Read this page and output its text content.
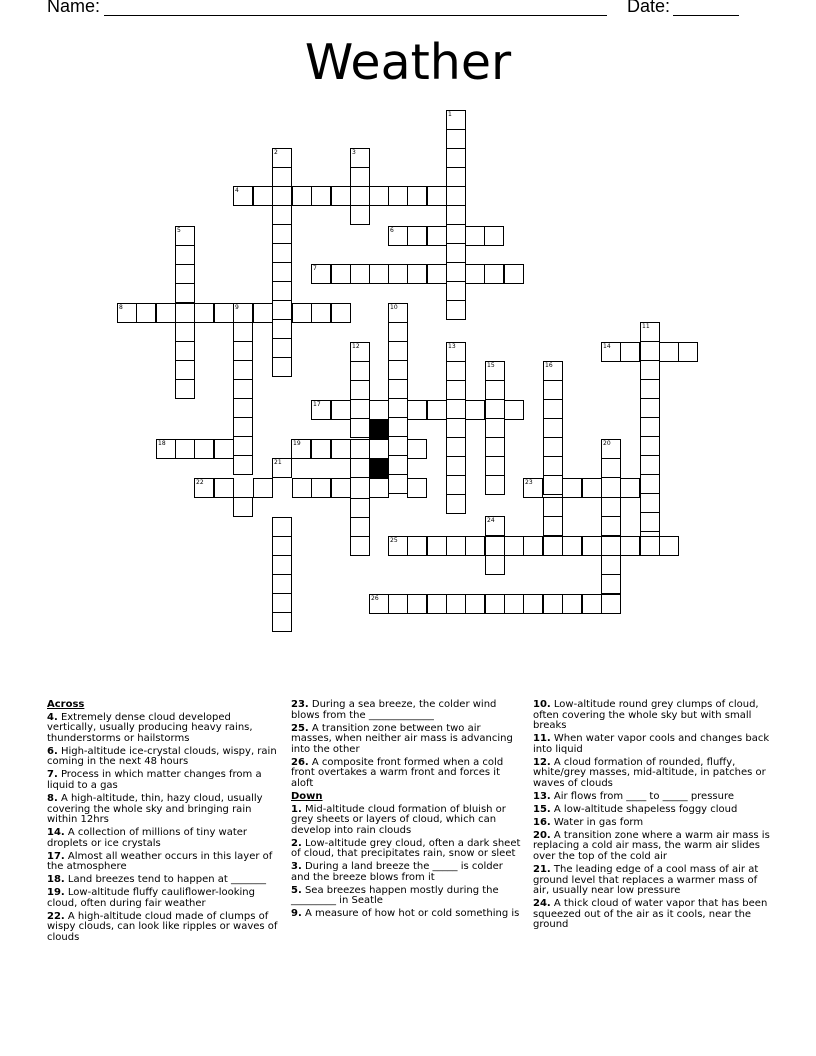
Name:	Date:
Weather
1
2	3
4
5	6
7
8	9	10
11
12	13	14
15	16
17
18	19	20
21
22	23
24
25
26

Across

4. Extremely dense cloud developed vertically, usually producing heavy rains, thunderstorms or hailstorms

6. High-altitude ice-crystal clouds, wispy, rain coming in the next 48 hours

7. Process in which matter changes from a liquid to a gas

8. A high-altitude, thin, hazy cloud, usually covering the whole sky and bringing rain within 12hrs

14. A collection of millions of tiny water droplets or ice crystals

17. Almost all weather occurs in this layer of the atmosphere

18. Land breezes tend to happen at _______

19. Low-altitude fluffy cauliflower-looking cloud, often during fair weather

22. A high-altitude cloud made of clumps of wispy clouds, can look like ripples or waves of clouds

23. During a sea breeze, the colder wind blows from the _____________

25. A transition zone between two air masses, when neither air mass is advancing into the other

26. A composite front formed when a cold front overtakes a warm front and forces it aloft

Down

1. Mid-altitude cloud formation of bluish or grey sheets or layers of cloud, which can develop into rain clouds

2. Low-altitude grey cloud, often a dark sheet of cloud, that precipitates rain, snow or sleet

3. During a land breeze the _____ is colder and the breeze blows from it

5. Sea breezes happen mostly during the _________ in Seatle

9. A measure of how hot or cold something is

10. Low-altitude round grey clumps of cloud, often covering the whole sky but with small breaks

11. When water vapor cools and changes back into liquid

12. A cloud formation of rounded, fluffy, white/grey masses, mid-altitude, in patches or waves of clouds

13. Air flows from ____ to _____ pressure

15. A low-altitude shapeless foggy cloud

16. Water in gas form

20. A transition zone where a warm air mass is replacing a cold air mass, the warm air slides over the top of the cold air

21. The leading edge of a cool mass of air at ground level that replaces a warmer mass of air, usually near low pressure

24. A thick cloud of water vapor that has been squeezed out of the air as it cools, near the ground
